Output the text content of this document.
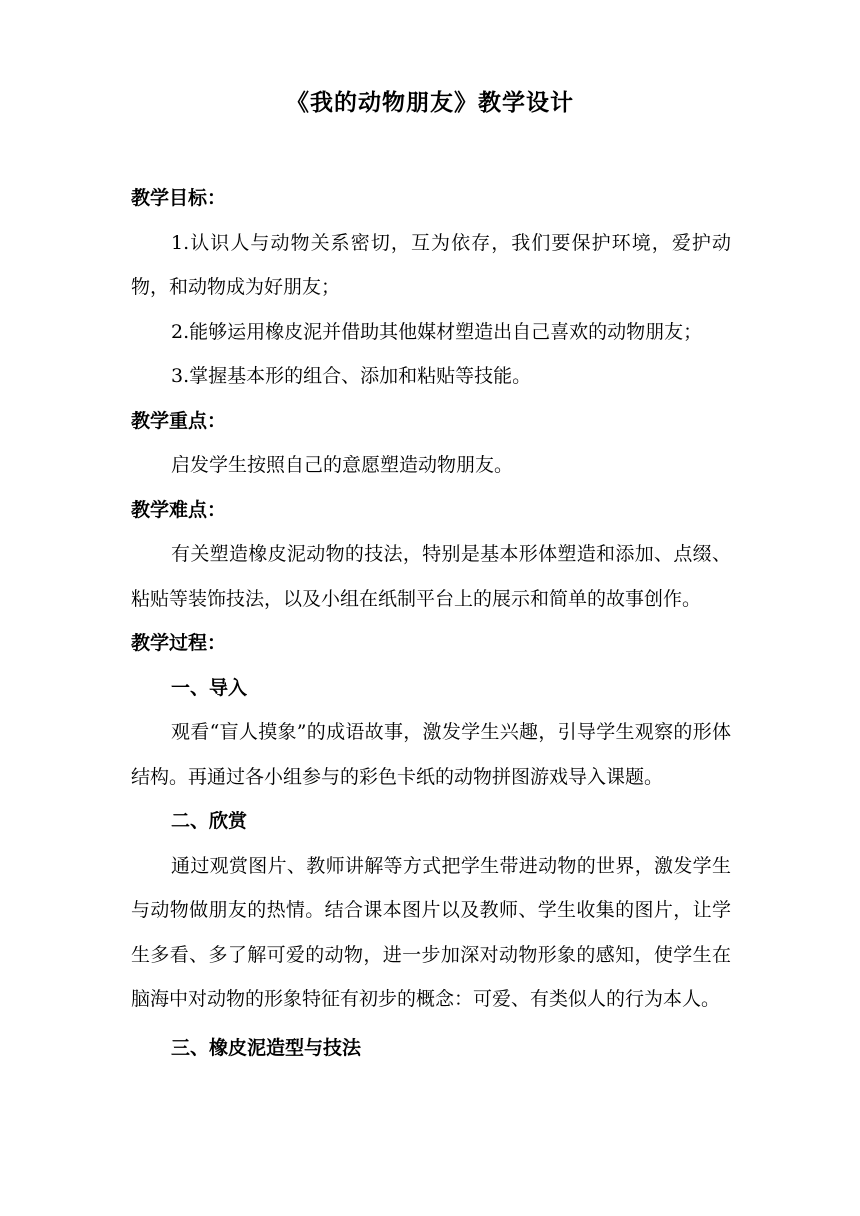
《我的动物朋友》教学设计

教学目标：

1.认识人与动物关系密切，互为依存，我们要保护环境，爱护动物，和动物成为好朋友；

2.能够运用橡皮泥并借助其他媒材塑造出自己喜欢的动物朋友；

3.掌握基本形的组合、添加和粘贴等技能。

教学重点：

启发学生按照自己的意愿塑造动物朋友。

教学难点：

有关塑造橡皮泥动物的技法，特别是基本形体塑造和添加、点缀、粘贴等装饰技法，以及小组在纸制平台上的展示和简单的故事创作。

教学过程：

一、导入

观看“盲人摸象”的成语故事，激发学生兴趣，引导学生观察的形体结构。再通过各小组参与的彩色卡纸的动物拼图游戏导入课题。

二、欣赏

通过观赏图片、教师讲解等方式把学生带进动物的世界，激发学生与动物做朋友的热情。结合课本图片以及教师、学生收集的图片，让学生多看、多了解可爱的动物，进一步加深对动物形象的感知，使学生在脑海中对动物的形象特征有初步的概念：可爱、有类似人的行为本人。

三、橡皮泥造型与技法
